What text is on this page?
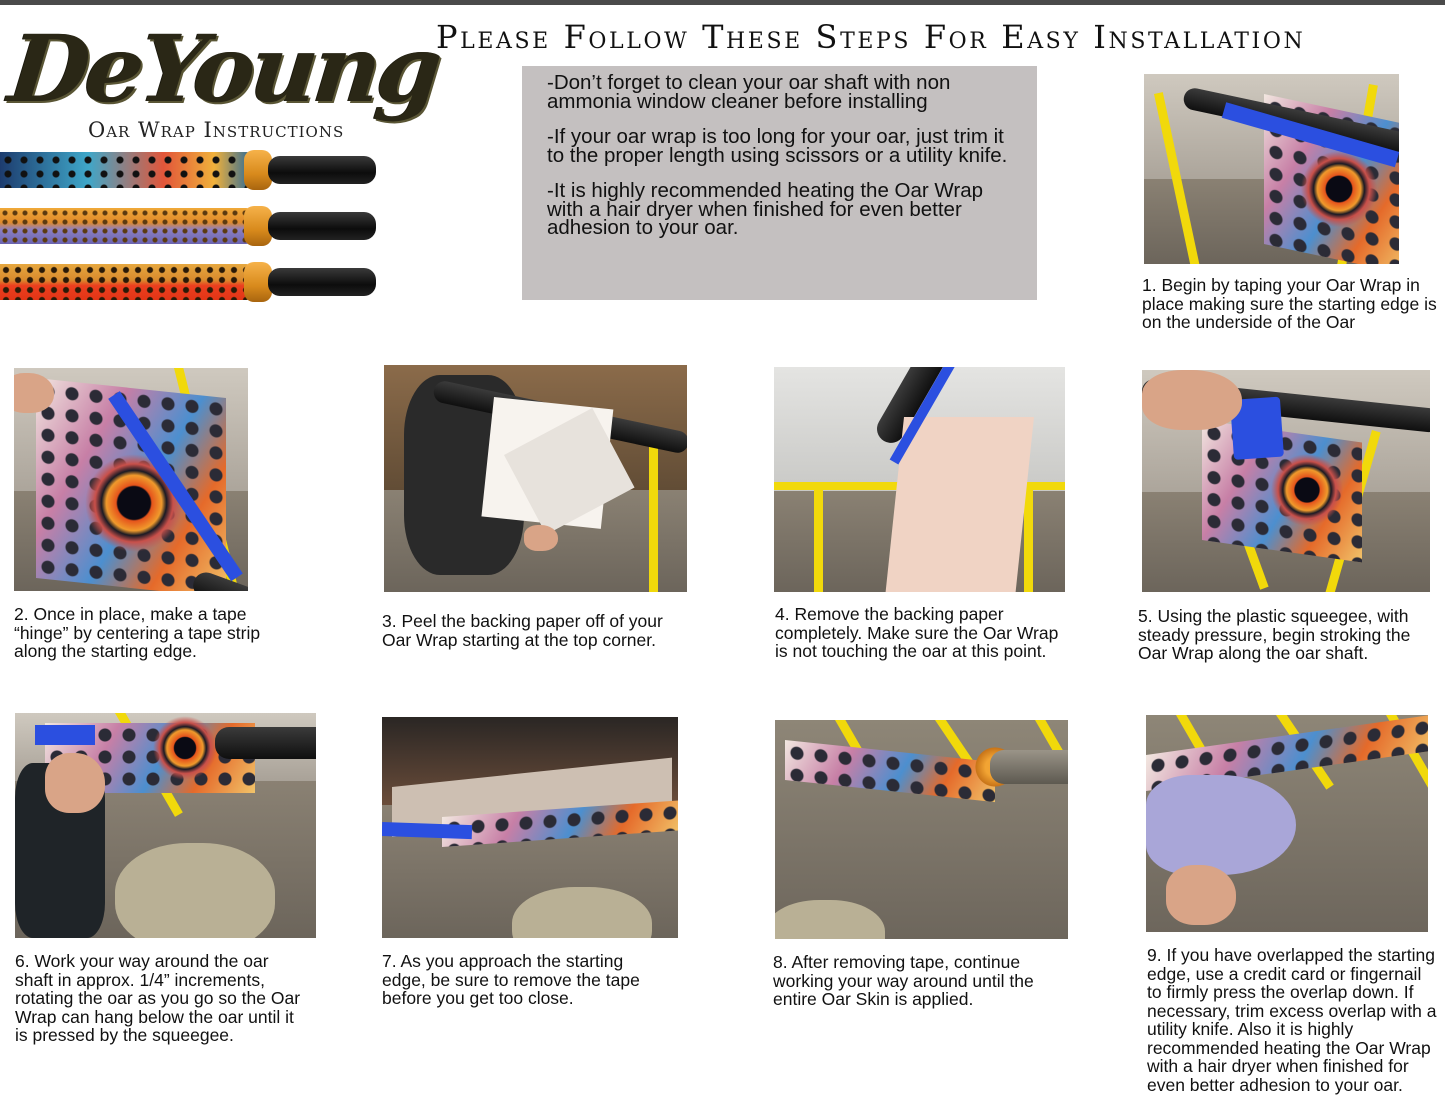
DeYoung
Oar Wrap Instructions
Please Follow These Steps For Easy Installation

-Don’t forget to clean your oar shaft with non ammonia window cleaner before installing

-If your oar wrap is too long for your oar, just trim it to the proper length using scissors or a utility knife.

-It is highly recommended heating the Oar Wrap with a hair dryer when finished for even better adhesion to your oar.

1. Begin by taping your Oar Wrap in place making sure the starting edge is on the underside of the Oar
2. Once in place, make a tape “hinge” by centering a tape strip along the starting edge.
3. Peel the backing paper off of your Oar Wrap starting at the top corner.
4. Remove the backing paper completely. Make sure the Oar Wrap is not touching the oar at this point.
5. Using the plastic squeegee, with steady pressure, begin stroking the Oar Wrap along the oar shaft.
6. Work your way around the oar shaft in approx. 1/4” increments, rotating the oar as you go so the Oar Wrap can hang below the oar until it is pressed by the squeegee.
7. As you approach the starting edge, be sure to remove the tape before you get too close.
8. After removing tape, continue working your way around until the entire Oar Skin is applied.
9. If you have overlapped the starting edge, use a credit card or fingernail to firmly press the overlap down. If necessary, trim excess overlap with a utility knife. Also it is highly recommended heating the Oar Wrap with a hair dryer when finished for even better adhesion to your oar.
